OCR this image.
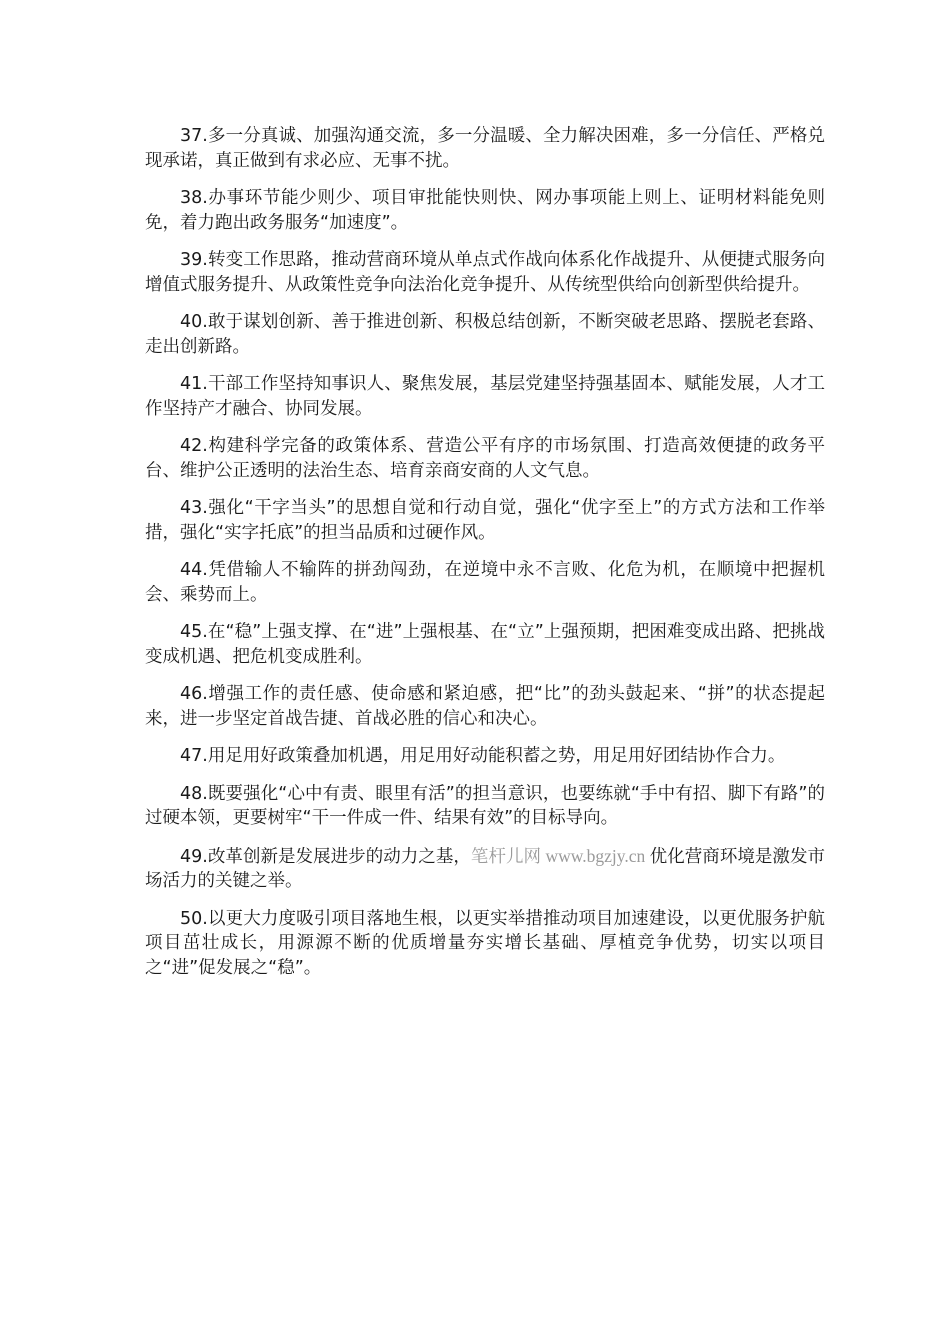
37.多一分真诚、加强沟通交流，多一分温暖、全力解决困难，多一分信任、严格兑现承诺，真正做到有求必应、无事不扰。

38.办事环节能少则少、项目审批能快则快、网办事项能上则上、证明材料能免则免，着力跑出政务服务“加速度”。

39.转变工作思路，推动营商环境从单点式作战向体系化作战提升、从便捷式服务向增值式服务提升、从政策性竞争向法治化竞争提升、从传统型供给向创新型供给提升。

40.敢于谋划创新、善于推进创新、积极总结创新，不断突破老思路、摆脱老套路、走出创新路。

41.干部工作坚持知事识人、聚焦发展，基层党建坚持强基固本、赋能发展，人才工作坚持产才融合、协同发展。

42.构建科学完备的政策体系、营造公平有序的市场氛围、打造高效便捷的政务平台、维护公正透明的法治生态、培育亲商安商的人文气息。

43.强化“干字当头”的思想自觉和行动自觉，强化“优字至上”的方式方法和工作举措，强化“实字托底”的担当品质和过硬作风。

44.凭借输人不输阵的拼劲闯劲，在逆境中永不言败、化危为机，在顺境中把握机会、乘势而上。

45.在“稳”上强支撑、在“进”上强根基、在“立”上强预期，把困难变成出路、把挑战变成机遇、把危机变成胜利。

46.增强工作的责任感、使命感和紧迫感，把“比”的劲头鼓起来、“拼”的状态提起来，进一步坚定首战告捷、首战必胜的信心和决心。

47.用足用好政策叠加机遇，用足用好动能积蓄之势，用足用好团结协作合力。

48.既要强化“心中有责、眼里有活”的担当意识，也要练就“手中有招、脚下有路”的过硬本领，更要树牢“干一件成一件、结果有效”的目标导向。

49.改革创新是发展进步的动力之基，笔杆儿网 www.bgzjy.cn 优化营商环境是激发市场活力的关键之举。

50.以更大力度吸引项目落地生根，以更实举措推动项目加速建设，以更优服务护航项目茁壮成长，用源源不断的优质增量夯实增长基础、厚植竞争优势，切实以项目之“进”促发展之“稳”。
